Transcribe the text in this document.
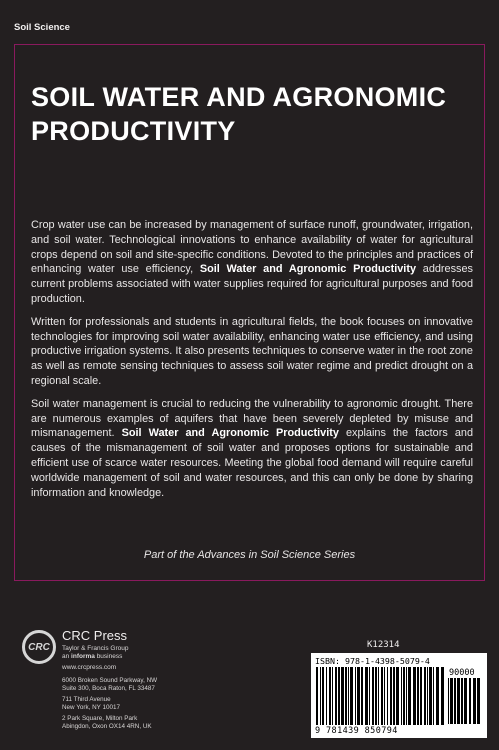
Soil Science
SOIL WATER AND AGRONOMIC PRODUCTIVITY

Crop water use can be increased by management of surface runoff, groundwater, irrigation, and soil water. Technological innovations to enhance availability of water for agricultural crops depend on soil and site-specific conditions. Devoted to the principles and practices of enhancing water use efficiency, Soil Water and Agronomic Productivity addresses current problems associated with water supplies required for agricultural purposes and food production.

Written for professionals and students in agricultural fields, the book focuses on innovative technologies for improving soil water availability, enhancing water use efficiency, and using productive irrigation systems. It also presents techniques to conserve water in the root zone as well as remote sensing techniques to assess soil water regime and predict drought on a regional scale.

Soil water management is crucial to reducing the vulnerability to agronomic drought. There are numerous examples of aquifers that have been severely depleted by misuse and mismanagement. Soil Water and Agronomic Productivity explains the factors and causes of the mismanagement of soil water and proposes options for sustainable and efficient use of scarce water resources. Meeting the global food demand will require careful worldwide management of soil and water resources, and this can only be done by sharing information and knowledge.

Part of the Advances in Soil Science Series
CRC
CRC Press
Taylor & Francis Group
an informa business
www.crcpress.com
6000 Broken Sound Parkway, NW
Suite 300, Boca Raton, FL 33487
711 Third Avenue
New York, NY 10017
2 Park Square, Milton Park
Abingdon, Oxon OX14 4RN, UK
K12314
ISBN: 978-1-4398-5079-4
90000
9 781439 850794
